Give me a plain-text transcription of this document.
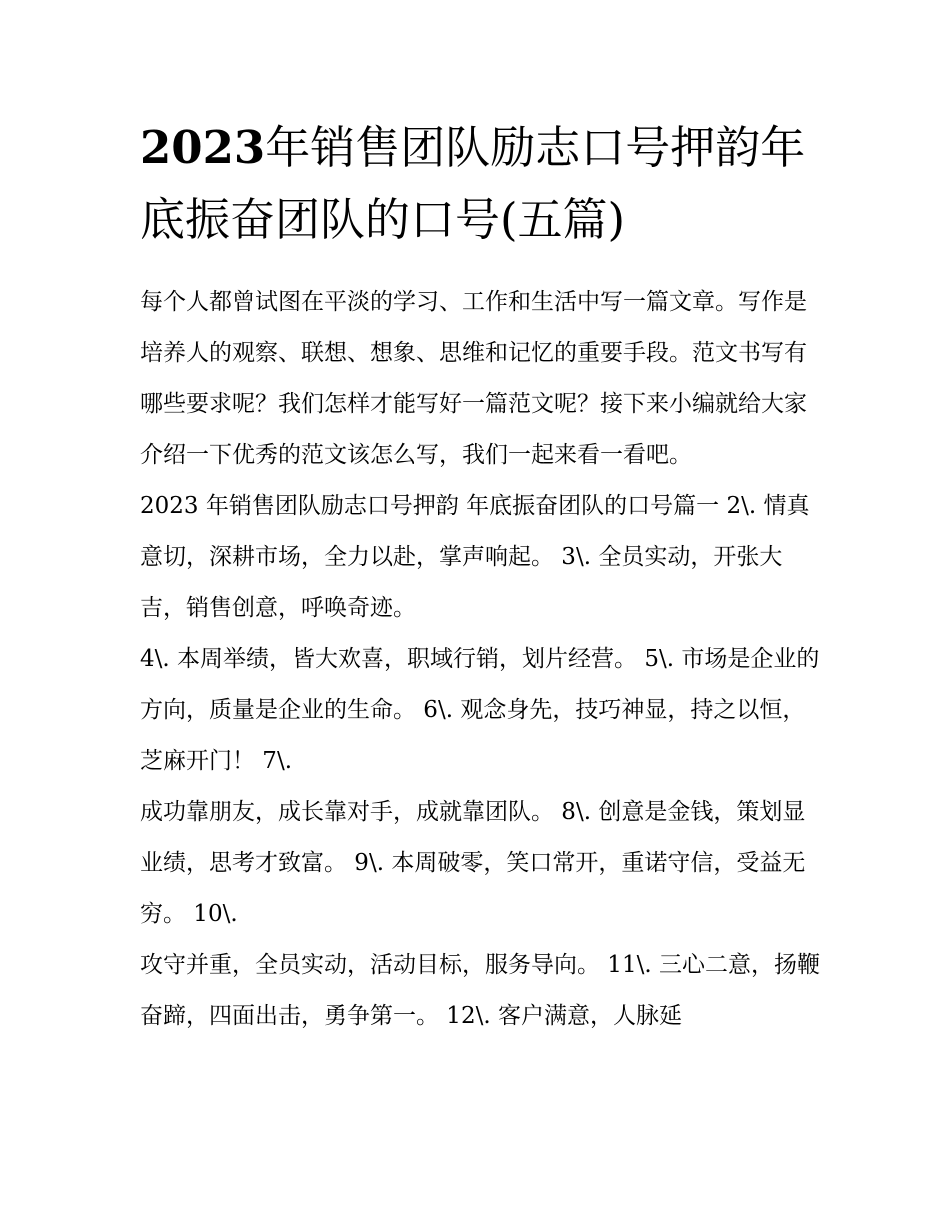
2023年销售团队励志口号押韵年底振奋团队的口号(五篇)

每个人都曾试图在平淡的学习、工作和生活中写一篇文章。写作是培养人的观察、联想、想象、思维和记忆的重要手段。范文书写有哪些要求呢？我们怎样才能写好一篇范文呢？接下来小编就给大家介绍一下优秀的范文该怎么写，我们一起来看一看吧。

2023 年销售团队励志口号押韵 年底振奋团队的口号篇一 2\. 情真意切，深耕市场，全力以赴，掌声响起。 3\. 全员实动，开张大吉，销售创意，呼唤奇迹。

4\. 本周举绩，皆大欢喜，职域行销，划片经营。 5\. 市场是企业的方向，质量是企业的生命。 6\. 观念身先，技巧神显，持之以恒，芝麻开门！ 7\.

成功靠朋友，成长靠对手，成就靠团队。 8\. 创意是金钱，策划显业绩，思考才致富。 9\. 本周破零，笑口常开，重诺守信，受益无穷。 10\.

攻守并重，全员实动，活动目标，服务导向。 11\. 三心二意，扬鞭奋蹄，四面出击，勇争第一。 12\. 客户满意，人脉延
